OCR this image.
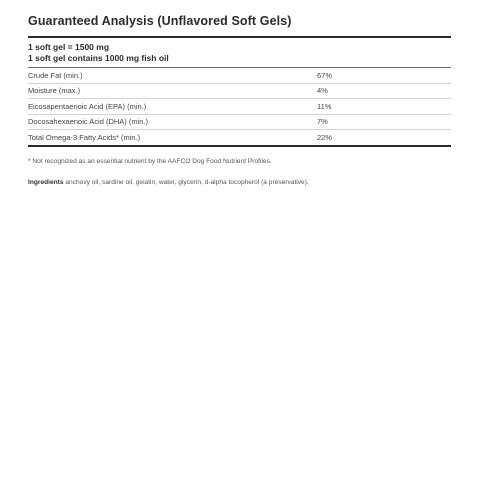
Guaranteed Analysis (Unflavored Soft Gels)
1 soft gel = 1500 mg
1 soft gel contains 1000 mg fish oil
Crude Fat (min.)	67%
Moisture (max.)	4%
Eicosapentaenoic Acid (EPA) (min.)	11%
Docosahexaenoic Acid (DHA) (min.)	7%
Total Omega-3 Fatty Acids* (min.)	22%
* Not recognized as an essential nutrient by the AAFCO Dog Food Nutrient Profiles.
Ingredients anchovy oil, sardine oil, gelatin, water, glycerin, d-alpha tocopherol (a preservative).
